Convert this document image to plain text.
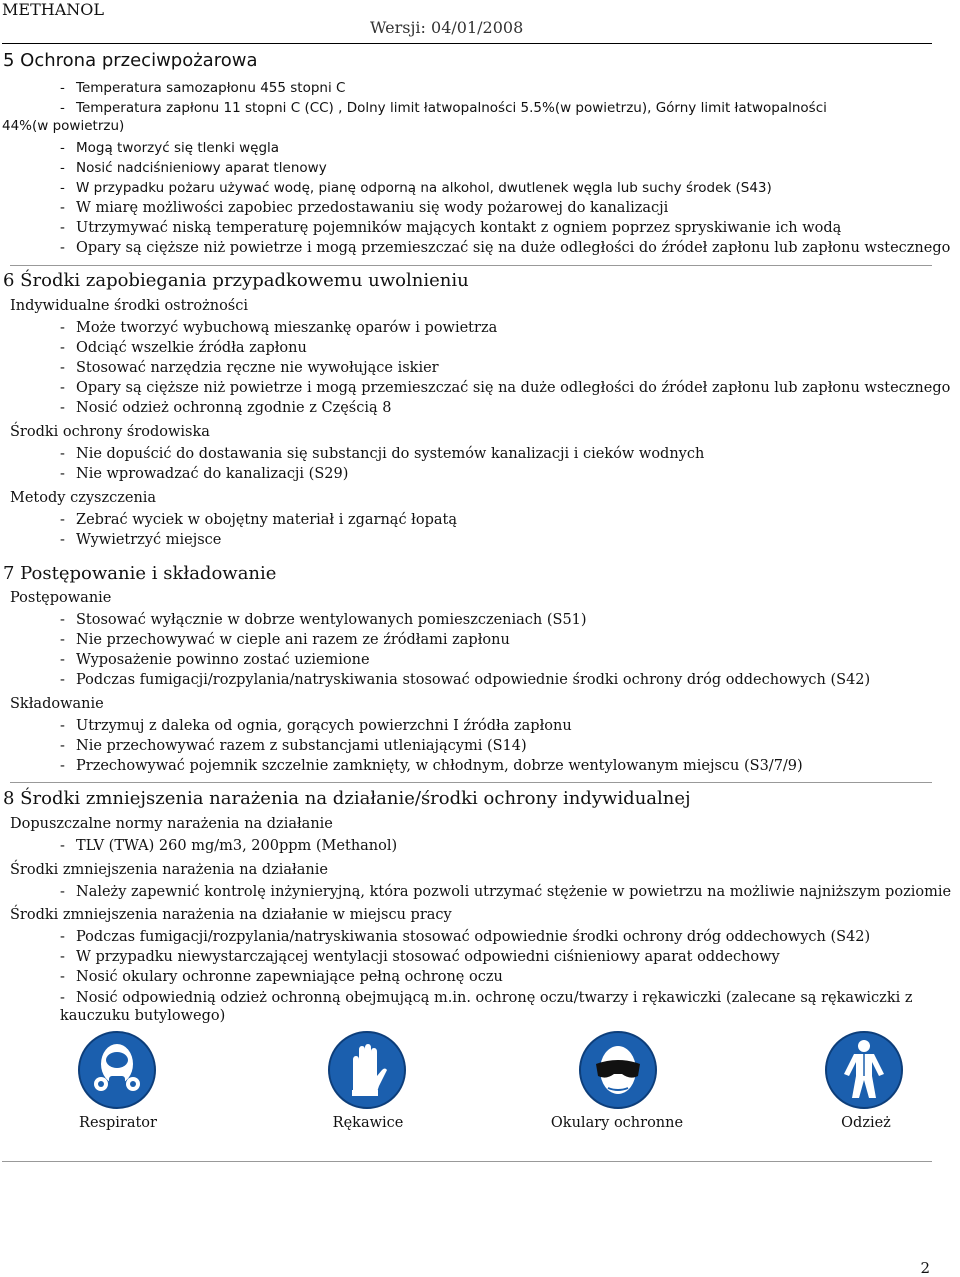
METHANOL
Wersji: 04/01/2008
5 Ochrona przeciwpożarowa
- Temperatura samozapłonu 455 stopni C
- Temperatura zapłonu 11 stopni C (CC) , Dolny limit łatwopalności 5.5%(w powietrzu), Górny limit łatwopalności
44%(w powietrzu)
- Mogą tworzyć się tlenki węgla
- Nosić nadciśnieniowy aparat tlenowy
- W przypadku pożaru używać wodę, pianę odporną na alkohol, dwutlenek węgla lub suchy środek (S43)
- W miarę możliwości zapobiec przedostawaniu się wody pożarowej do kanalizacji
- Utrzymywać niską temperaturę pojemników mających kontakt z ogniem poprzez spryskiwanie ich wodą
- Opary są cięższe niż powietrze i mogą przemieszczać się na duże odległości do źródeł zapłonu lub zapłonu wstecznego
6 Środki zapobiegania przypadkowemu uwolnieniu
Indywidualne środki ostrożności
- Może tworzyć wybuchową mieszankę oparów i powietrza
- Odciąć wszelkie źródła zapłonu
- Stosować narzędzia ręczne nie wywołujące iskier
- Opary są cięższe niż powietrze i mogą przemieszczać się na duże odległości do źródeł zapłonu lub zapłonu wstecznego
- Nosić odzież ochronną zgodnie z Częścią 8
Środki ochrony środowiska
- Nie dopuścić do dostawania się substancji do systemów kanalizacji i cieków wodnych
- Nie wprowadzać do kanalizacji (S29)
Metody czyszczenia
- Zebrać wyciek w obojętny materiał i zgarnąć łopatą
- Wywietrzyć miejsce
7 Postępowanie i składowanie
Postępowanie
- Stosować wyłącznie w dobrze wentylowanych pomieszczeniach (S51)
- Nie przechowywać w cieple ani razem ze źródłami zapłonu
- Wyposażenie powinno zostać uziemione
- Podczas fumigacji/rozpylania/natryskiwania stosować odpowiednie środki ochrony dróg oddechowych (S42)
Składowanie
- Utrzymuj z daleka od ognia, gorących powierzchni I źródła zapłonu
- Nie przechowywać razem z substancjami utleniającymi (S14)
- Przechowywać pojemnik szczelnie zamknięty, w chłodnym, dobrze wentylowanym miejscu (S3/7/9)
8 Środki zmniejszenia narażenia na działanie/środki ochrony indywidualnej
Dopuszczalne normy narażenia na działanie
- TLV (TWA) 260 mg/m3, 200ppm (Methanol)
Środki zmniejszenia narażenia na działanie
- Należy zapewnić kontrolę inżynieryjną, która pozwoli utrzymać stężenie w powietrzu na możliwie najniższym poziomie
Środki zmniejszenia narażenia na działanie w miejscu pracy
- Podczas fumigacji/rozpylania/natryskiwania stosować odpowiednie środki ochrony dróg oddechowych (S42)
- W przypadku niewystarczającej wentylacji stosować odpowiedni ciśnieniowy aparat oddechowy
- Nosić okulary ochronne zapewniające pełną ochronę oczu
- Nosić odpowiednią odzież ochronną obejmującą m.in. ochronę oczu/twarzy i rękawiczki (zalecane są rękawiczki z
kauczuku butylowego)
Respirator	Rękawice	Okulary ochronne	Odzież
2
